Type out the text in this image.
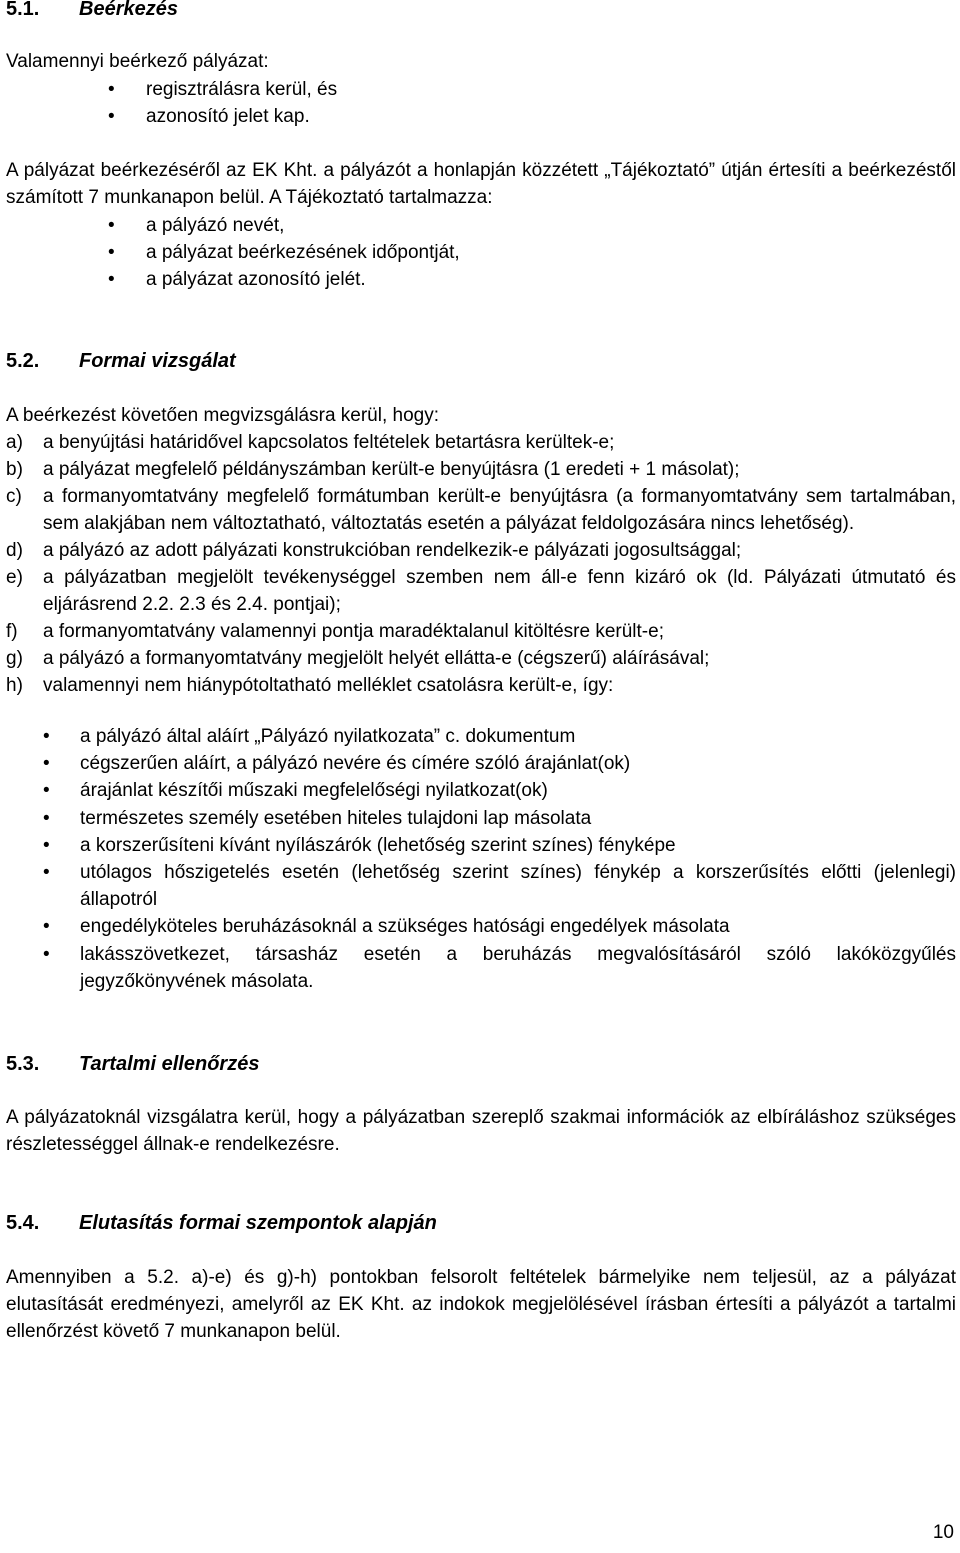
5.1. Beérkezés
Valamennyi beérkező pályázat:
• regisztrálásra kerül, és
• azonosító jelet kap.
A pályázat beérkezéséről az EK Kht. a pályázót a honlapján közzétett „Tájékoztató” útján értesíti a beérkezéstől számított 7 munkanapon belül. A Tájékoztató tartalmazza:
• a pályázó nevét,
• a pályázat beérkezésének időpontját,
• a pályázat azonosító jelét.
5.2. Formai vizsgálat
A beérkezést követően megvizsgálásra kerül, hogy:
a) a benyújtási határidővel kapcsolatos feltételek betartásra kerültek-e;
b) a pályázat megfelelő példányszámban került-e benyújtásra (1 eredeti + 1 másolat);
c) a formanyomtatvány megfelelő formátumban került-e benyújtásra (a formanyomtatvány sem tartalmában, sem alakjában nem változtatható, változtatás esetén a pályázat feldolgozására nincs lehetőség).
d) a pályázó az adott pályázati konstrukcióban rendelkezik-e pályázati jogosultsággal;
e) a pályázatban megjelölt tevékenységgel szemben nem áll-e fenn kizáró ok (ld. Pályázati útmutató és eljárásrend 2.2. 2.3 és 2.4. pontjai);
f) a formanyomtatvány valamennyi pontja maradéktalanul kitöltésre került-e;
g) a pályázó a formanyomtatvány megjelölt helyét ellátta-e (cégszerű) aláírásával;
h) valamennyi nem hiánypótoltatható melléklet csatolásra került-e, így:
• a pályázó által aláírt „Pályázó nyilatkozata” c. dokumentum
• cégszerűen aláírt, a pályázó nevére és címére szóló árajánlat(ok)
• árajánlat készítői műszaki megfelelőségi nyilatkozat(ok)
• természetes személy esetében hiteles tulajdoni lap másolata
• a korszerűsíteni kívánt nyílászárók (lehetőség szerint színes) fényképe
• utólagos hőszigetelés esetén (lehetőség szerint színes) fénykép a korszerűsítés előtti (jelenlegi) állapotról
• engedélyköteles beruházásoknál a szükséges hatósági engedélyek másolata
• lakásszövetkezet, társasház esetén a beruházás megvalósításáról szóló lakóközgyűlés jegyzőkönyvének másolata.
5.3. Tartalmi ellenőrzés
A pályázatoknál vizsgálatra kerül, hogy a pályázatban szereplő szakmai információk az elbíráláshoz szükséges részletességgel állnak-e rendelkezésre.
5.4. Elutasítás formai szempontok alapján
Amennyiben a 5.2. a)-e) és g)-h) pontokban felsorolt feltételek bármelyike nem teljesül, az a pályázat elutasítását eredményezi, amelyről az EK Kht. az indokok megjelölésével írásban értesíti a pályázót a tartalmi ellenőrzést követő 7 munkanapon belül.
10
